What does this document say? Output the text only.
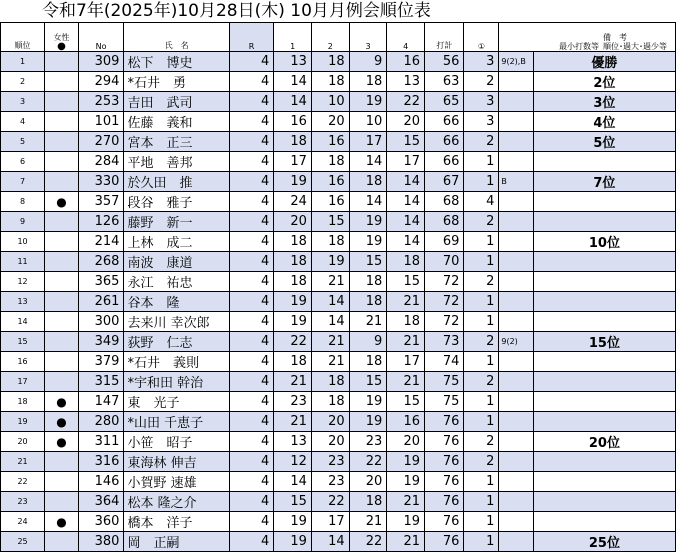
令和7年(2025年)10月28日(木) 10月月例会順位表
順位	女性
●	No	氏　名	R	1	2	3	4	打計	①	備　考
最小打数等 順位･過大･過少等	

1		309	松下　博史	4	13	18	9	16	56	3	9(2),B	優勝
2		294	*石井　勇	4	14	18	18	13	63	2		2位
3		253	吉田　武司	4	14	10	19	22	65	3		3位
4		101	佐藤　義和	4	16	20	10	20	66	3		4位
5		270	宮本　正三	4	18	16	17	15	66	2		5位
6		284	平地　善邦	4	17	18	14	17	66	1		
7		330	於久田　推	4	19	16	18	14	67	1	B	7位
8	●	357	段谷　雅子	4	24	16	14	14	68	4		
9		126	藤野　新一	4	20	15	19	14	68	2		
10		214	上林　成二	4	18	18	19	14	69	1		10位
11		268	南波　康道	4	18	19	15	18	70	1		
12		365	永江　祐忠	4	18	21	18	15	72	2		
13		261	谷本　隆	4	19	14	18	21	72	1		
14		300	去来川 幸次郎	4	19	14	21	18	72	1		
15		349	荻野　仁志	4	22	21	9	21	73	2	9(2)	15位
16		379	*石井　義則	4	18	21	18	17	74	1		
17		315	*宇和田 幹治	4	21	18	15	21	75	2		
18	●	147	東　光子	4	23	18	19	15	75	1		
19	●	280	*山田 千恵子	4	21	20	19	16	76	1		
20	●	311	小笹　昭子	4	13	20	23	20	76	2		20位
21		316	東海林 伸吉	4	12	23	22	19	76	2		
22		146	小賀野 速雄	4	14	23	20	19	76	1		
23		364	松本 隆之介	4	15	22	18	21	76	1		
24	●	360	橋本　洋子	4	19	17	21	19	76	1		
25		380	岡　正嗣	4	19	14	22	21	76	1		25位
